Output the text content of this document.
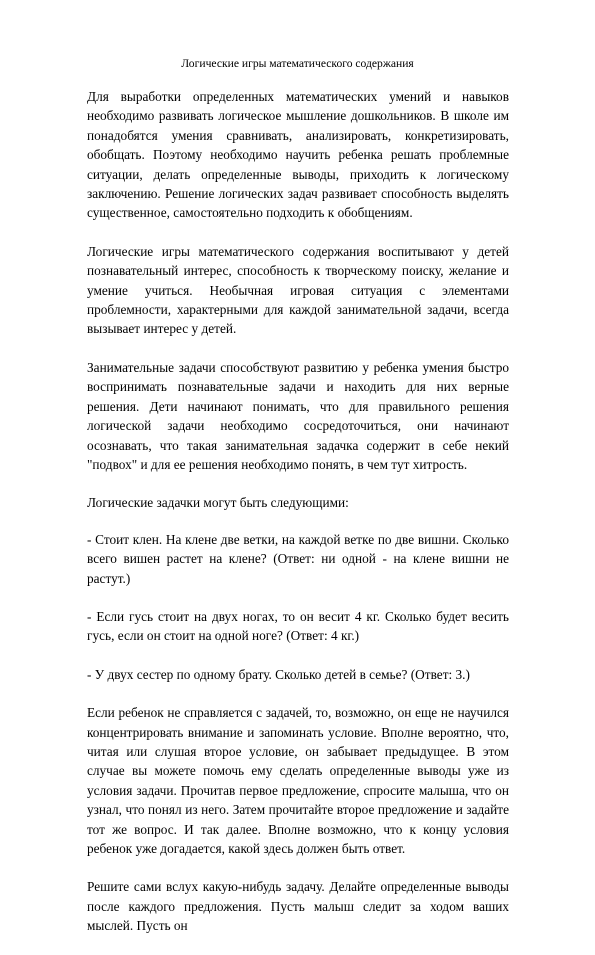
Логические игры математического содержания

Для выработки определенных математических умений и навыков необходимо развивать логическое мышление дошкольников. В школе им понадобятся умения сравнивать, анализировать, конкретизировать, обобщать. Поэтому необходимо научить ребенка решать проблемные ситуации, делать определенные выводы, приходить к логическому заключению. Решение логических задач развивает способность выделять существенное, самостоятельно подходить к обобщениям.

Логические игры математического содержания воспитывают у детей познавательный интерес, способность к творческому поиску, желание и умение учиться. Необычная игровая ситуация с элементами проблемности, характерными для каждой занимательной задачи, всегда вызывает интерес у детей.

Занимательные задачи способствуют развитию у ребенка умения быстро воспринимать познавательные задачи и находить для них верные решения. Дети начинают понимать, что для правильного решения логической задачи необходимо сосредоточиться, они начинают осознавать, что такая занимательная задачка содержит в себе некий "подвох" и для ее решения необходимо понять, в чем тут хитрость.

Логические задачки могут быть следующими:

- Стоит клен. На клене две ветки, на каждой ветке по две вишни. Сколько всего вишен растет на клене? (Ответ: ни одной - на клене вишни не растут.)

- Если гусь стоит на двух ногах, то он весит 4 кг. Сколько будет весить гусь, если он стоит на одной ноге? (Ответ: 4 кг.)

- У двух сестер по одному брату. Сколько детей в семье? (Ответ: 3.)

Если ребенок не справляется с задачей, то, возможно, он еще не научился концентрировать внимание и запоминать условие. Вполне вероятно, что, читая или слушая второе условие, он забывает предыдущее. В этом случае вы можете помочь ему сделать определенные выводы уже из условия задачи. Прочитав первое предложение, спросите малыша, что он узнал, что понял из него. Затем прочитайте второе предложение и задайте тот же вопрос. И так далее. Вполне возможно, что к концу условия ребенок уже догадается, какой здесь должен быть ответ.

Решите сами вслух какую-нибудь задачу. Делайте определенные выводы после каждого предложения. Пусть малыш следит за ходом ваших мыслей. Пусть он
